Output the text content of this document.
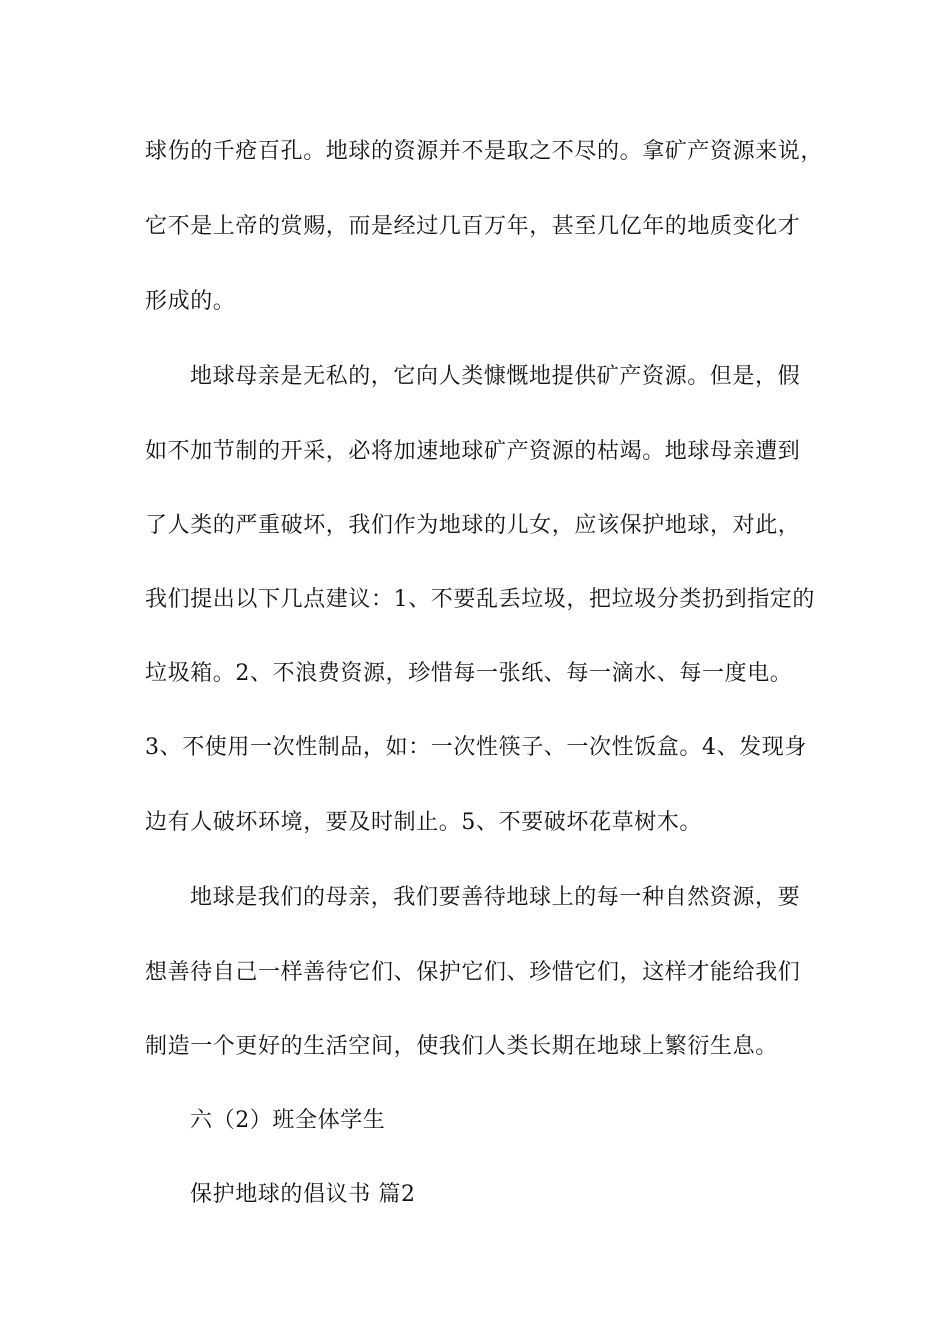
球伤的千疮百孔。地球的资源并不是取之不尽的。拿矿产资源来说，
它不是上帝的赏赐，而是经过几百万年，甚至几亿年的地质变化才
形成的。
地球母亲是无私的，它向人类慷慨地提供矿产资源。但是，假
如不加节制的开采，必将加速地球矿产资源的枯竭。地球母亲遭到
了人类的严重破坏，我们作为地球的儿女，应该保护地球，对此，
我们提出以下几点建议：1、不要乱丢垃圾，把垃圾分类扔到指定的
垃圾箱。2、不浪费资源，珍惜每一张纸、每一滴水、每一度电。
3、不使用一次性制品，如：一次性筷子、一次性饭盒。4、发现身
边有人破坏环境，要及时制止。5、不要破坏花草树木。
地球是我们的母亲，我们要善待地球上的每一种自然资源，要
想善待自己一样善待它们、保护它们、珍惜它们，这样才能给我们
制造一个更好的生活空间，使我们人类长期在地球上繁衍生息。
六（2）班全体学生
保护地球的倡议书 篇2
